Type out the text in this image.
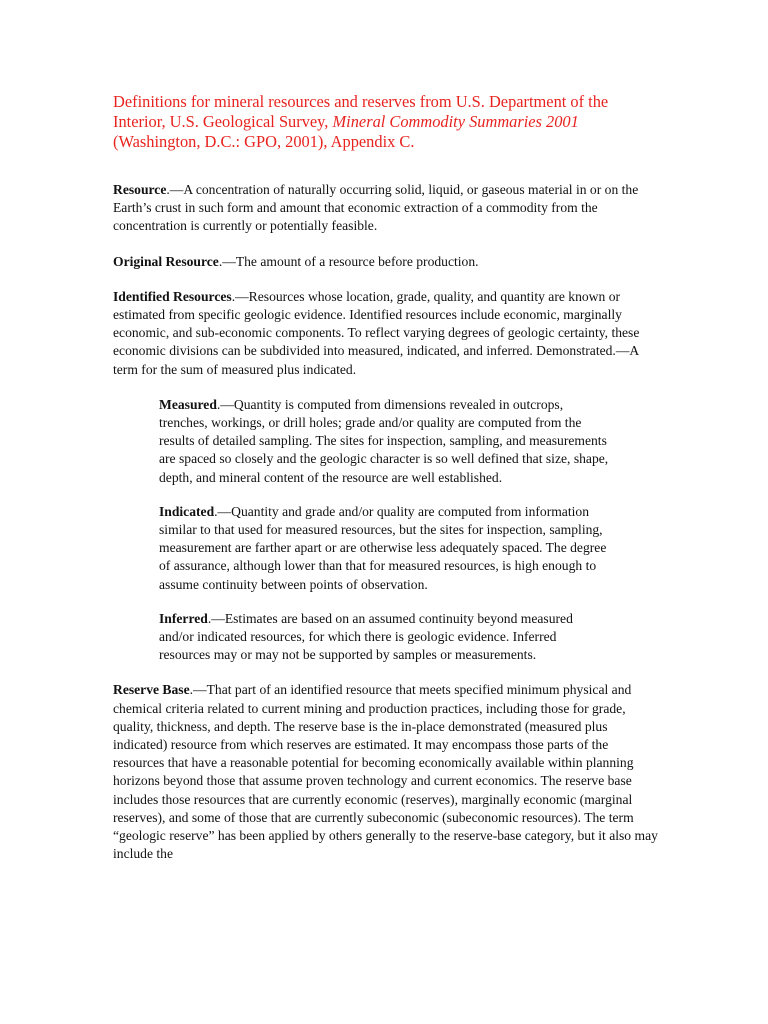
Definitions for mineral resources and reserves from U.S. Department of the Interior, U.S. Geological Survey, Mineral Commodity Summaries 2001 (Washington, D.C.: GPO, 2001), Appendix C.

Resource.—A concentration of naturally occurring solid, liquid, or gaseous material in or on the Earth’s crust in such form and amount that economic extraction of a commodity from the concentration is currently or potentially feasible.

Original Resource.—The amount of a resource before production.

Identified Resources.—Resources whose location, grade, quality, and quantity are known or estimated from specific geologic evidence. Identified resources include economic, marginally economic, and sub-economic components. To reflect varying degrees of geologic certainty, these economic divisions can be subdivided into measured, indicated, and inferred. Demonstrated.—A term for the sum of measured plus indicated.

Measured.—Quantity is computed from dimensions revealed in outcrops, trenches, workings, or drill holes; grade and/or quality are computed from the results of detailed sampling. The sites for inspection, sampling, and measurements are spaced so closely and the geologic character is so well defined that size, shape, depth, and mineral content of the resource are well established.

Indicated.—Quantity and grade and/or quality are computed from information similar to that used for measured resources, but the sites for inspection, sampling, measurement are farther apart or are otherwise less adequately spaced. The degree of assurance, although lower than that for measured resources, is high enough to assume continuity between points of observation.

Inferred.—Estimates are based on an assumed continuity beyond measured and/or indicated resources, for which there is geologic evidence. Inferred resources may or may not be supported by samples or measurements.

Reserve Base.—That part of an identified resource that meets specified minimum physical and chemical criteria related to current mining and production practices, including those for grade, quality, thickness, and depth. The reserve base is the in-place demonstrated (measured plus indicated) resource from which reserves are estimated. It may encompass those parts of the resources that have a reasonable potential for becoming economically available within planning horizons beyond those that assume proven technology and current economics. The reserve base includes those resources that are currently economic (reserves), marginally economic (marginal reserves), and some of those that are currently subeconomic (subeconomic resources). The term “geologic reserve” has been applied by others generally to the reserve-base category, but it also may include the
